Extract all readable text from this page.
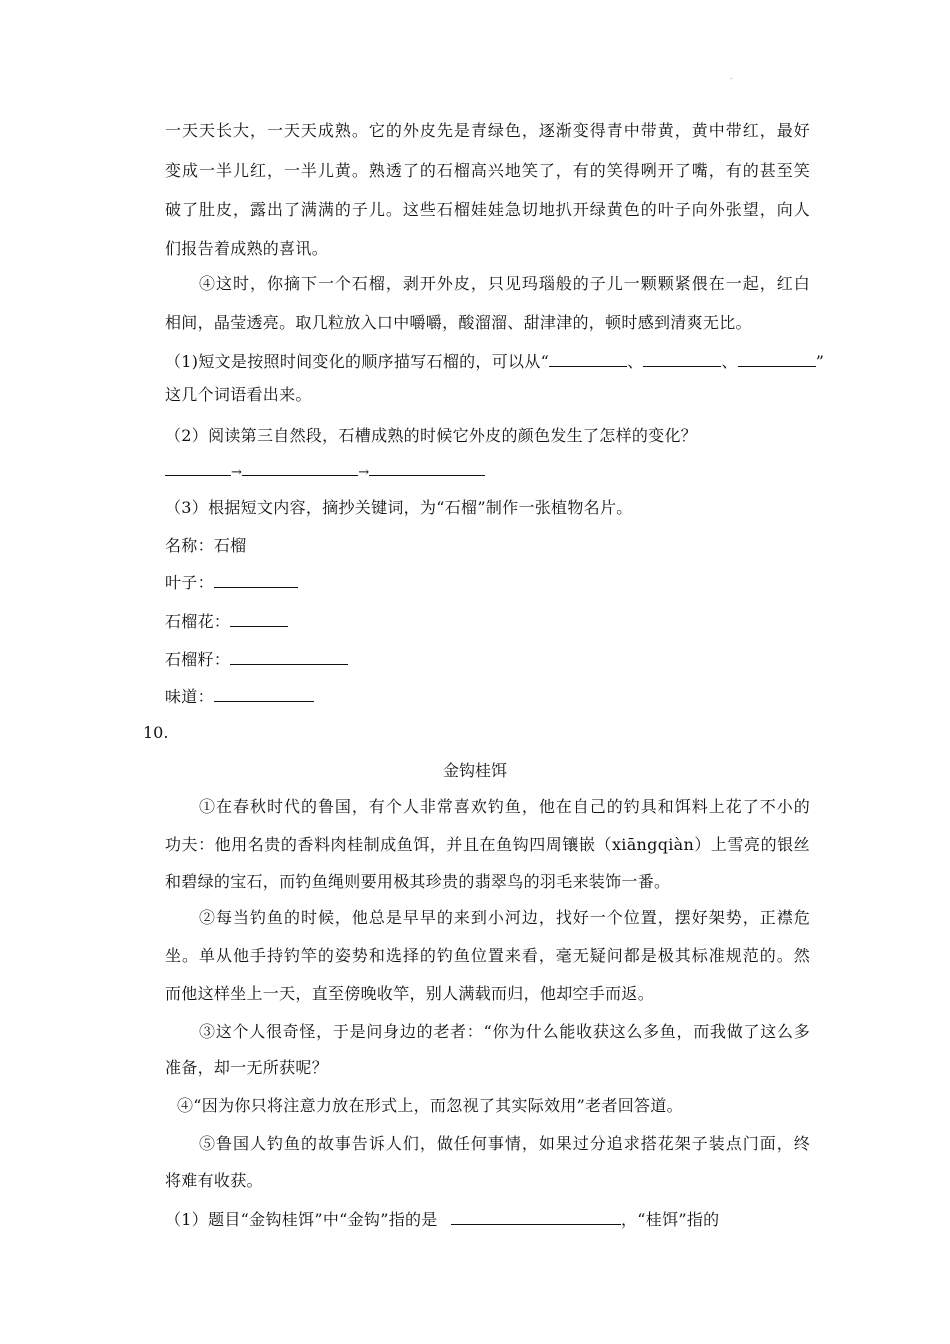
.
一天天长大，一天天成熟。它的外皮先是青绿色，逐渐变得青中带黄，黄中带红，最好
变成一半儿红，一半儿黄。熟透了的石榴高兴地笑了，有的笑得咧开了嘴，有的甚至笑
破了肚皮，露出了满满的子儿。这些石榴娃娃急切地扒开绿黄色的叶子向外张望，向人
们报告着成熟的喜讯。
④这时，你摘下一个石榴，剥开外皮，只见玛瑙般的子儿一颗颗紧偎在一起，红白
相间，晶莹透亮。取几粒放入口中嚼嚼，酸溜溜、甜津津的，顿时感到清爽无比。
（1)短文是按照时间变化的顺序描写石榴的，可以从“	、	、	”
这几个词语看出来。
（2）阅读第三自然段，石槽成熟的时候它外皮的颜色发生了怎样的变化？
→	→
（3）根据短文内容，摘抄关键词，为“石榴”制作一张植物名片。
名称：石榴
叶子：
石榴花：
石榴籽：
味道：
10.
金钩桂饵
①在春秋时代的鲁国，有个人非常喜欢钓鱼，他在自己的钓具和饵料上花了不小的
功夫：他用名贵的香料肉桂制成鱼饵，并且在鱼钩四周镶嵌（xiāngqiàn）上雪亮的银丝
和碧绿的宝石，而钓鱼绳则要用极其珍贵的翡翠鸟的羽毛来装饰一番。
②每当钓鱼的时候，他总是早早的来到小河边，找好一个位置，摆好架势，正襟危
坐。单从他手持钓竿的姿势和选择的钓鱼位置来看，毫无疑问都是极其标准规范的。然
而他这样坐上一天，直至傍晚收竿，别人满载而归，他却空手而返。
③这个人很奇怪，于是问身边的老者：“你为什么能收获这么多鱼，而我做了这么多
准备，却一无所获呢？
④“因为你只将注意力放在形式上，而忽视了其实际效用”老者回答道。
⑤鲁国人钓鱼的故事告诉人们，做任何事情，如果过分追求搭花架子装点门面，终
将难有收获。
（1）题目“金钩桂饵”中“金钩”指的是	，“桂饵”指的
